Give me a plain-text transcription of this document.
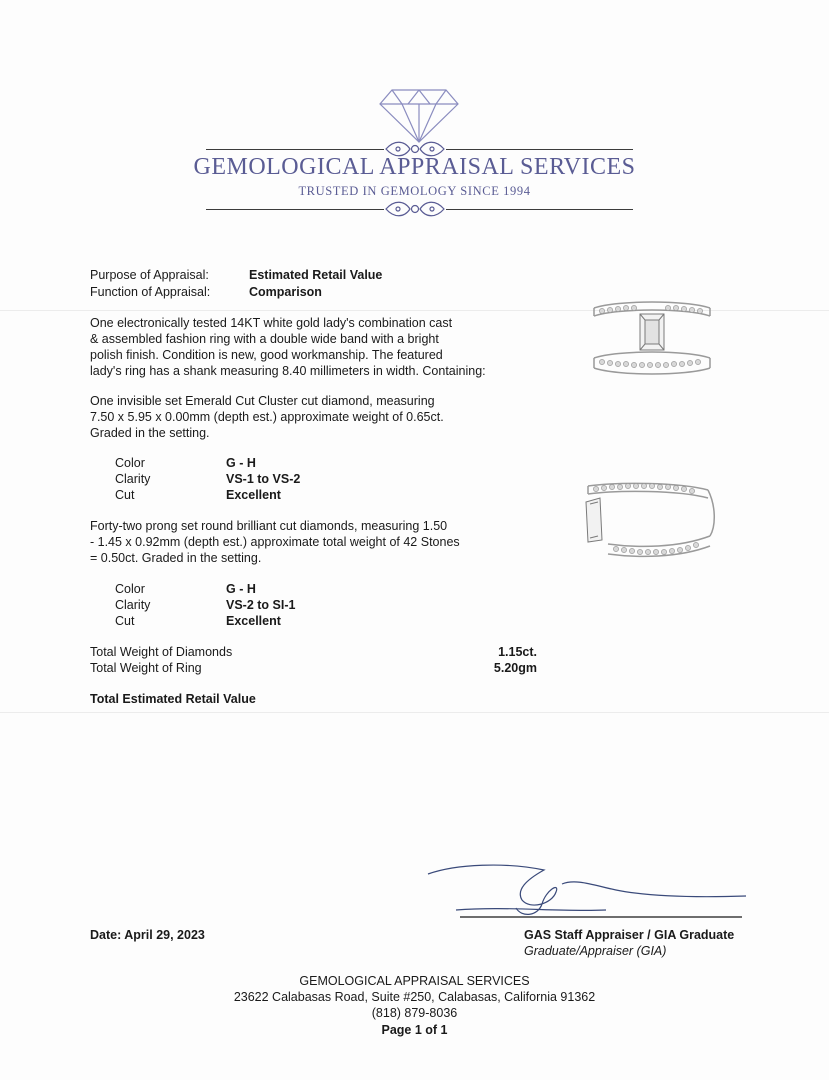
GEMOLOGICAL APPRAISAL SERVICES
TRUSTED IN GEMOLOGY SINCE 1994
Purpose of Appraisal:	Estimated Retail Value
Function of Appraisal:	Comparison
One electronically tested 14KT white gold lady's combination cast
& assembled fashion ring with a double wide band with a bright
polish finish. Condition is new, good workmanship. The featured
lady's ring has a shank measuring 8.40 millimeters in width. Containing:
One invisible set Emerald Cut Cluster cut diamond, measuring
7.50 x 5.95 x 0.00mm (depth est.) approximate weight of 0.65ct.
Graded in the setting.
Color	G - H
Clarity	VS-1 to VS-2
Cut	Excellent
Forty-two prong set round brilliant cut diamonds, measuring 1.50
- 1.45 x 0.92mm (depth est.) approximate total weight of 42 Stones
= 0.50ct. Graded in the setting.
Color	G - H
Clarity	VS-2 to SI-1
Cut	Excellent
Total Weight of Diamonds	1.15ct.
Total Weight of Ring	5.20gm
Total Estimated Retail Value
Date: April 29, 2023	GAS Staff Appraiser / GIA Graduate
Graduate/Appraiser (GIA)
GEMOLOGICAL APPRAISAL SERVICES
23622 Calabasas Road, Suite #250, Calabasas, California 91362
(818) 879-8036
Page 1 of 1
